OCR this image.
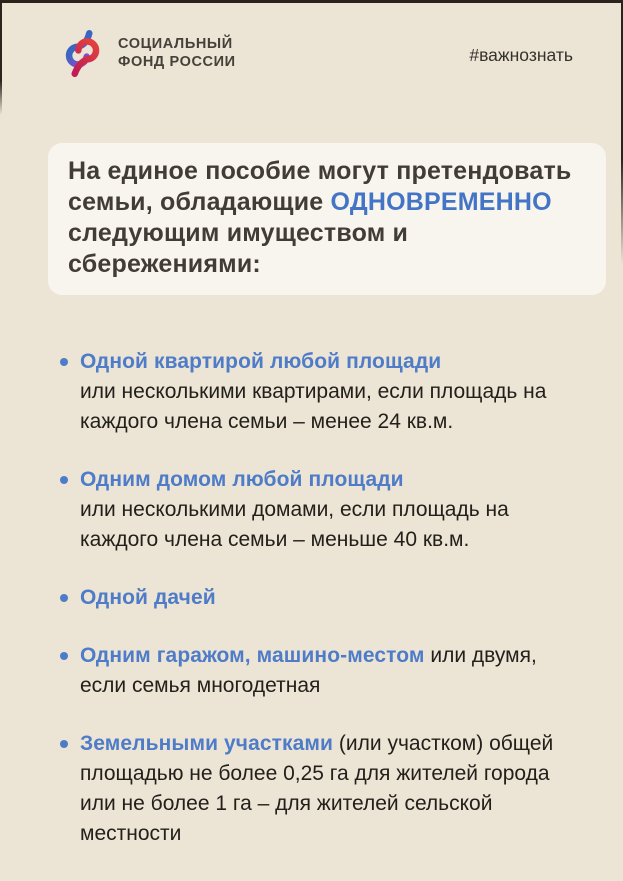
СОЦИАЛЬНЫЙ
ФОНД РОССИИ	#важнознать
На единое пособие могут претендовать семьи, обладающие ОДНОВРЕМЕННО следующим имуществом и сбережениями:
Одной квартирой любой площади
или несколькими квартирами, если площадь на каждого члена семьи – менее 24 кв.м.
Одним домом любой площади
или несколькими домами, если площадь на каждого члена семьи – меньше 40 кв.м.
Одной дачей
Одним гаражом, машино-местом или двумя, если семья многодетная
Земельными участками (или участком) общей площадью не более 0,25 га для жителей города или не более 1 га – для жителей сельской местности
